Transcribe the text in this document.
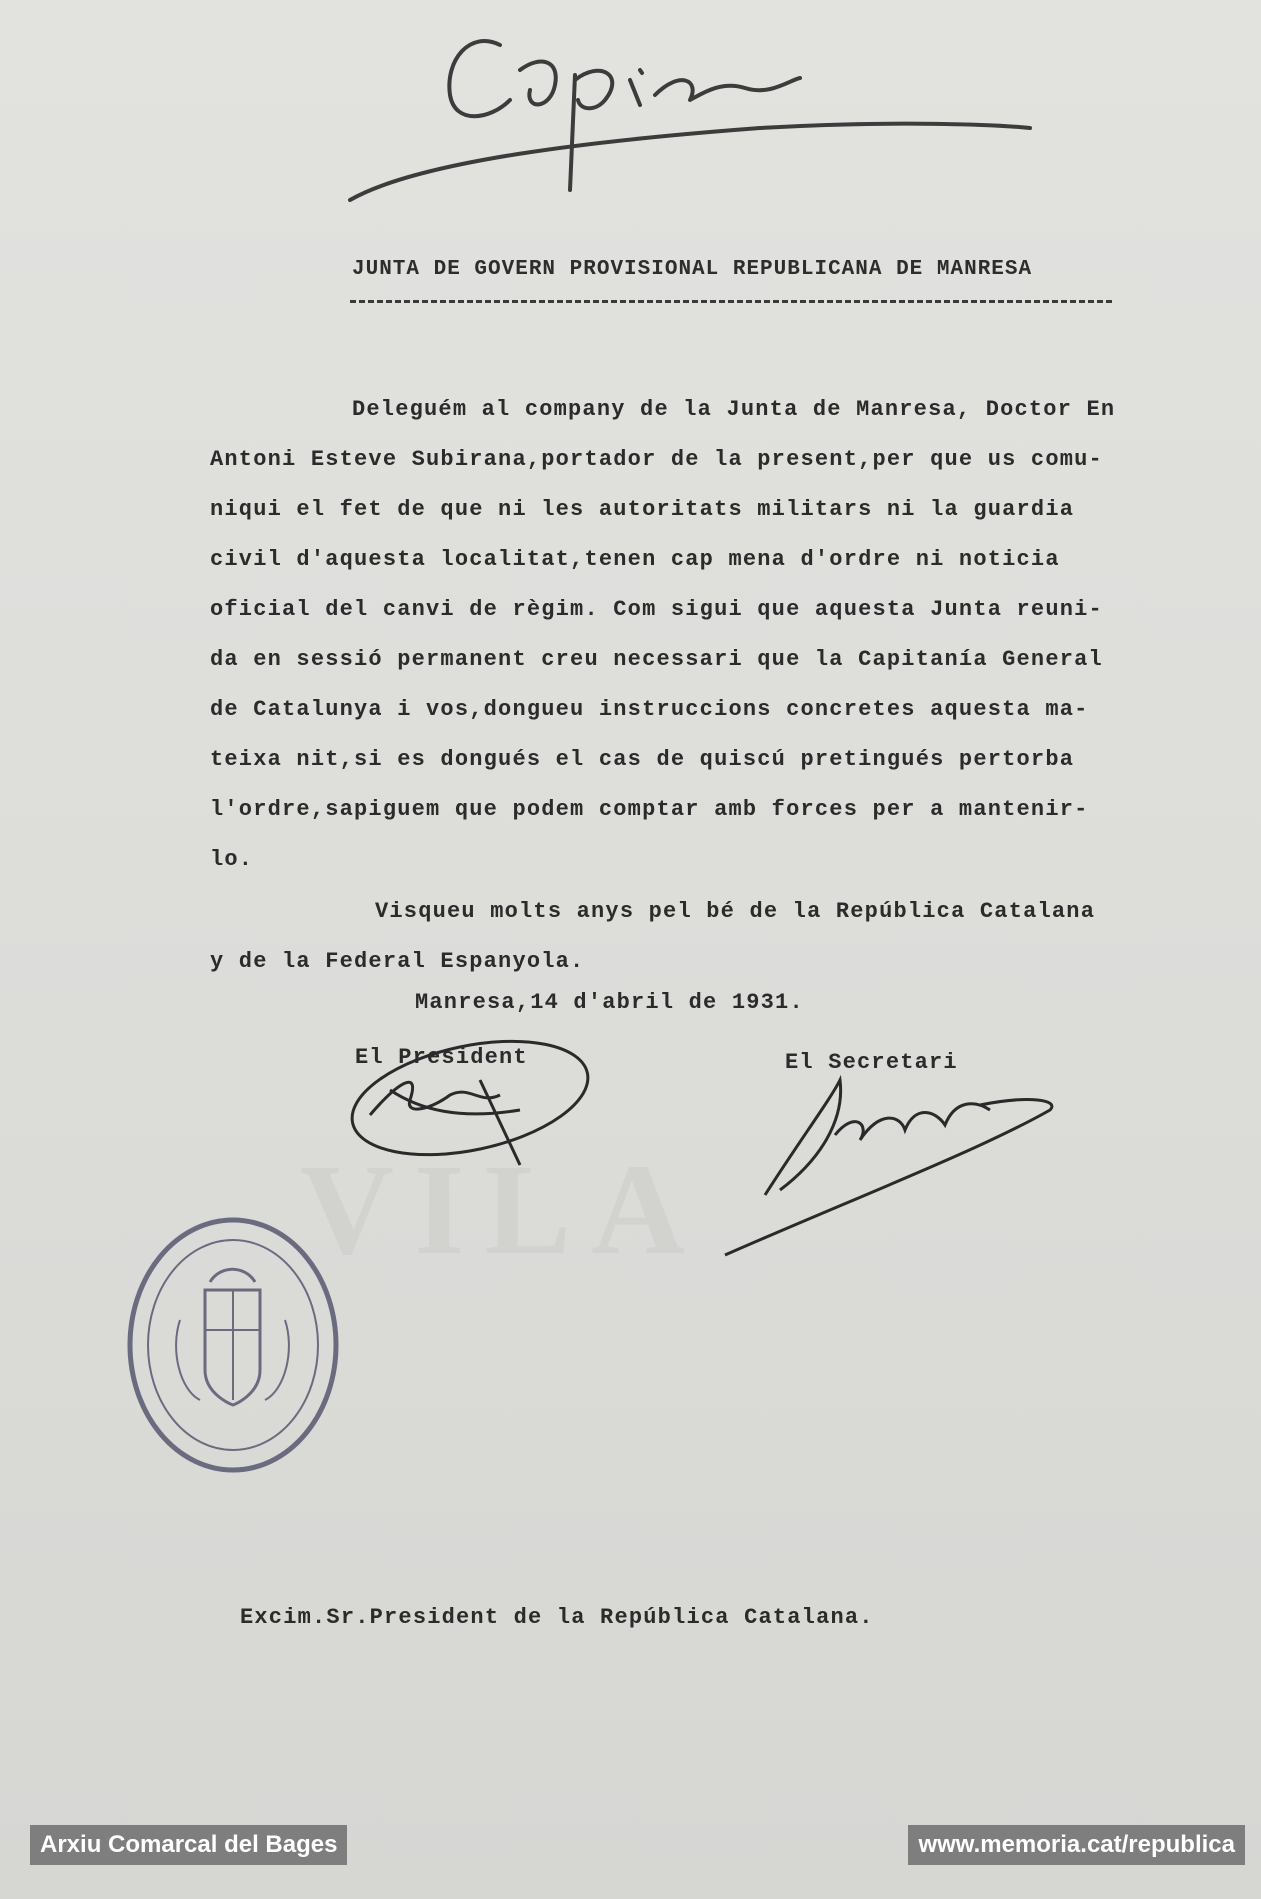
VILA
JUNTA DE GOVERN PROVISIONAL REPUBLICANA DE MANRESA
Deleguém al company de la Junta de Manresa, Doctor En
Antoni Esteve Subirana,portador de la present,per que us comu-
niqui el fet de que ni les autoritats militars ni la guardia
civil d'aquesta localitat,tenen cap mena d'ordre ni noticia
oficial del canvi de règim. Com sigui que aquesta Junta reuni-
da en sessió permanent creu necessari que la Capitanía General
de Catalunya i vos,dongueu instruccions concretes aquesta ma-
teixa nit,si es dongués el cas de quiscú pretingués pertorba
l'ordre,sapiguem que podem comptar amb forces per a mantenir-
lo.
Visqueu molts anys pel bé de la República Catalana
y de la Federal Espanyola.
Manresa,14 d'abril de 1931.
El President	El Secretari
Excim.Sr.President de la República Catalana.
Arxiu Comarcal del Bages	www.memoria.cat/republica
